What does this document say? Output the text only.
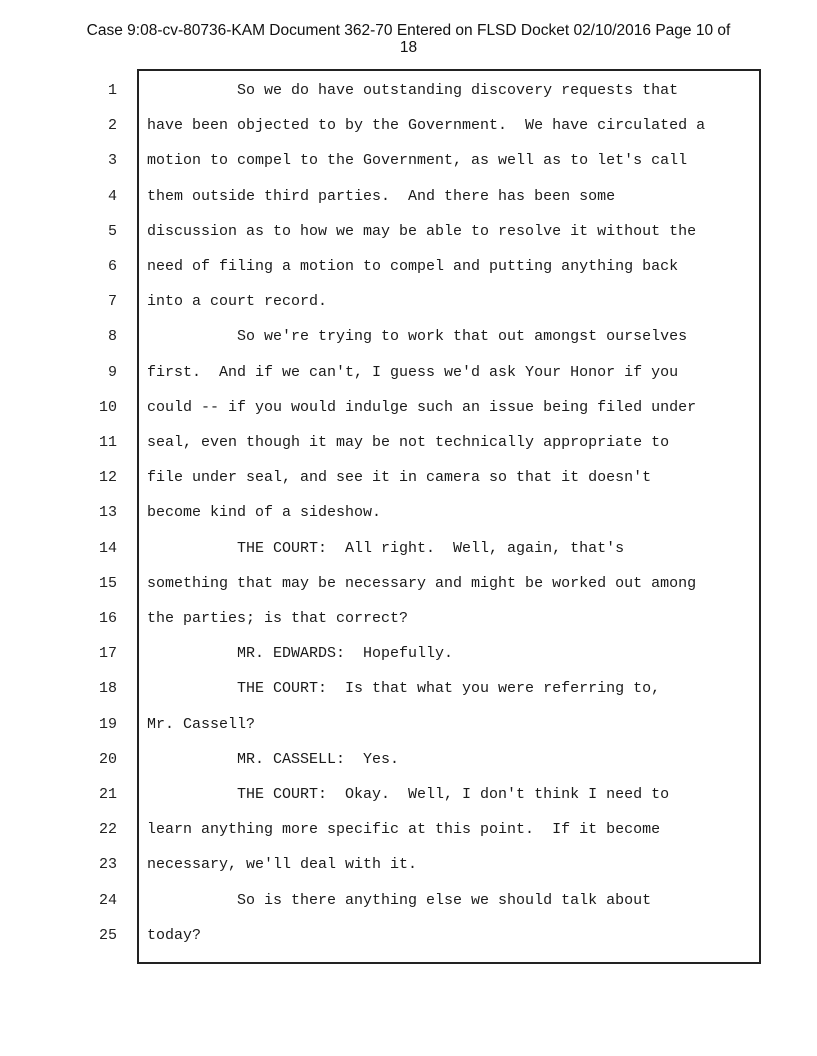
Case 9:08-cv-80736-KAM Document 362-70 Entered on FLSD Docket 02/10/2016 Page 10 of
18
1 So we do have outstanding discovery requests that
2 have been objected to by the Government.  We have circulated a
3 motion to compel to the Government, as well as to let's call
4 them outside third parties.  And there has been some
5 discussion as to how we may be able to resolve it without the
6 need of filing a motion to compel and putting anything back
7 into a court record.
8 So we're trying to work that out amongst ourselves
9 first.  And if we can't, I guess we'd ask Your Honor if you
10 could -- if you would indulge such an issue being filed under
11 seal, even though it may be not technically appropriate to
12 file under seal, and see it in camera so that it doesn't
13 become kind of a sideshow.
14 THE COURT:  All right.  Well, again, that's
15 something that may be necessary and might be worked out among
16 the parties; is that correct?
17 MR. EDWARDS:  Hopefully.
18 THE COURT:  Is that what you were referring to,
19 Mr. Cassell?
20 MR. CASSELL:  Yes.
21 THE COURT:  Okay.  Well, I don't think I need to
22 learn anything more specific at this point.  If it become
23 necessary, we'll deal with it.
24 So is there anything else we should talk about
25 today?
